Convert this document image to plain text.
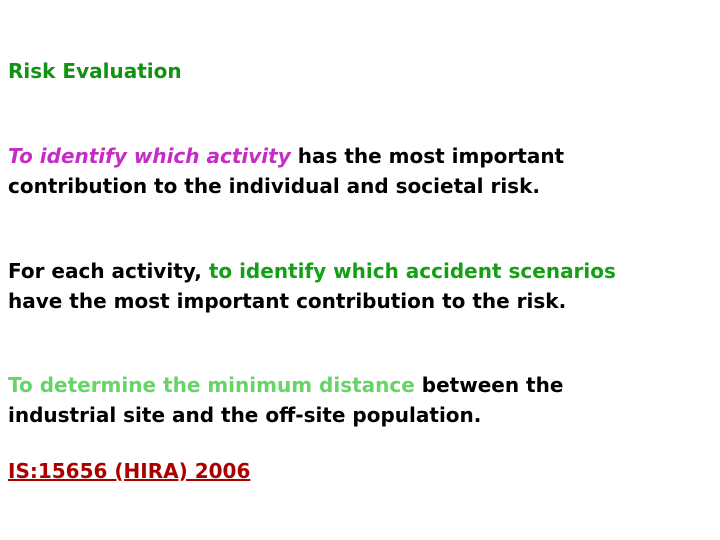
Risk Evaluation
To identify which activity has the most important
contribution to the individual and societal risk.
For each activity, to identify which accident scenarios
have the most important contribution to the risk.
To determine the minimum distance between the
industrial site and the off-site population.
IS:15656 (HIRA) 2006
